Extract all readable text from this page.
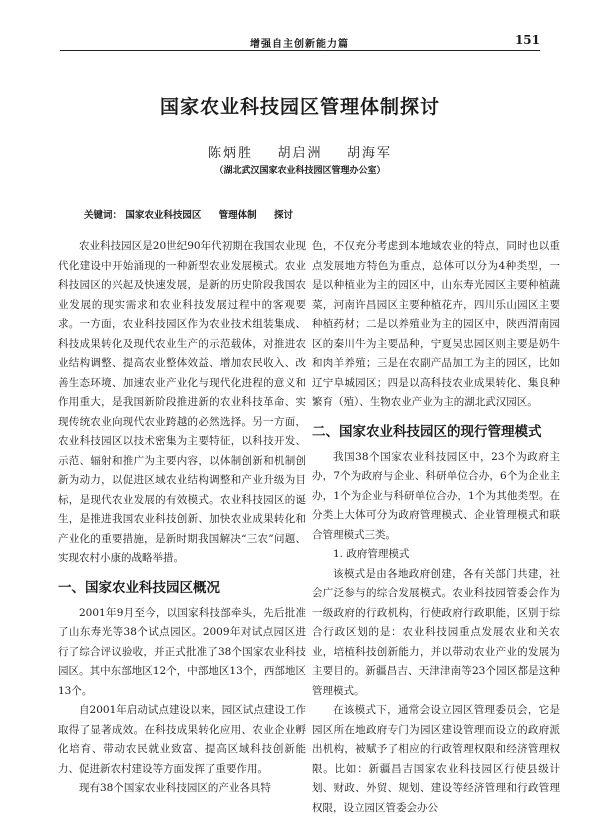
增强自主创新能力篇	151
国家农业科技园区管理体制探讨
陈炳胜 胡启洲 胡海军
（湖北武汉国家农业科技园区管理办公室）
关键词： 国家农业科技园区 管理体制 探讨

农业科技园区是20世纪90年代初期在我国农业现代化建设中开始涌现的一种新型农业发展模式。农业科技园区的兴起及快速发展，是新的历史阶段我国农业发展的现实需求和农业科技发展过程中的客观要求。一方面，农业科技园区作为农业技术组装集成、科技成果转化及现代农业生产的示范载体，对推进农业结构调整、提高农业整体效益、增加农民收入、改善生态环境、加速农业产业化与现代化进程的意义和作用重大，是我国新阶段推进新的农业科技革命、实现传统农业向现代农业跨越的必然选择。另一方面，农业科技园区以技术密集为主要特征，以科技开发、示范、辐射和推广为主要内容，以体制创新和机制创新为动力，以促进区域农业结构调整和产业升级为目标，是现代农业发展的有效模式。农业科技园区的诞生，是推进我国农业科技创新、加快农业成果转化和产业化的重要措施，是新时期我国解决“三农”问题、实现农村小康的战略举措。

一、国家农业科技园区概况

2001年9月至今，以国家科技部牵头，先后批准了山东寿光等38个试点园区。2009年对试点园区进行了综合评议验收，并正式批准了38个国家农业科技园区。其中东部地区12个，中部地区13个，西部地区13个。

自2001年启动试点建设以来，园区试点建设工作取得了显著成效。在科技成果转化应用、农业企业孵化培育、带动农民就业致富、提高区域科技创新能力、促进新农村建设等方面发挥了重要作用。

现有38个国家农业科技园区的产业各具特

色，不仅充分考虑到本地域农业的特点，同时也以重点发展地方特色为重点，总体可以分为4种类型，一是以种植业为主的园区中，山东寿光园区主要种植蔬菜，河南许昌园区主要种植花卉，四川乐山园区主要种植药材；二是以养殖业为主的园区中，陕西渭南园区的秦川牛为主要品种，宁夏吴忠园区则主要是奶牛和肉羊养殖；三是在农副产品加工为主的园区，比如辽宁阜城园区；四是以高科技农业成果转化、集良种繁育（殖）、生物农业产业为主的湖北武汉园区。

二、国家农业科技园区的现行管理模式

我国38个国家农业科技园区中，23个为政府主办，7个为政府与企业、科研单位合办，6个为企业主办，1个为企业与科研单位合办，1个为其他类型。在分类上大体可分为政府管理模式、企业管理模式和联合管理模式三类。

1. 政府管理模式

该模式是由各地政府创建，各有关部门共建，社会广泛参与的综合发展模式。农业科技园管委会作为一级政府的行政机构，行使政府行政职能，区别于综合行政区划的是：农业科技园重点发展农业和关农业，培植科技创新能力，并以带动农业产业的发展为主要目的。新疆昌吉、天津津南等23个园区都是这种管理模式。

在该模式下，通常会设立园区管理委员会，它是园区所在地政府专门为园区建设管理而设立的政府派出机构，被赋予了相应的行政管理权限和经济管理权限。比如：新疆昌吉国家农业科技园区行使县级计划、财政、外贸、规划、建设等经济管理和行政管理权限，设立园区管委会办公
